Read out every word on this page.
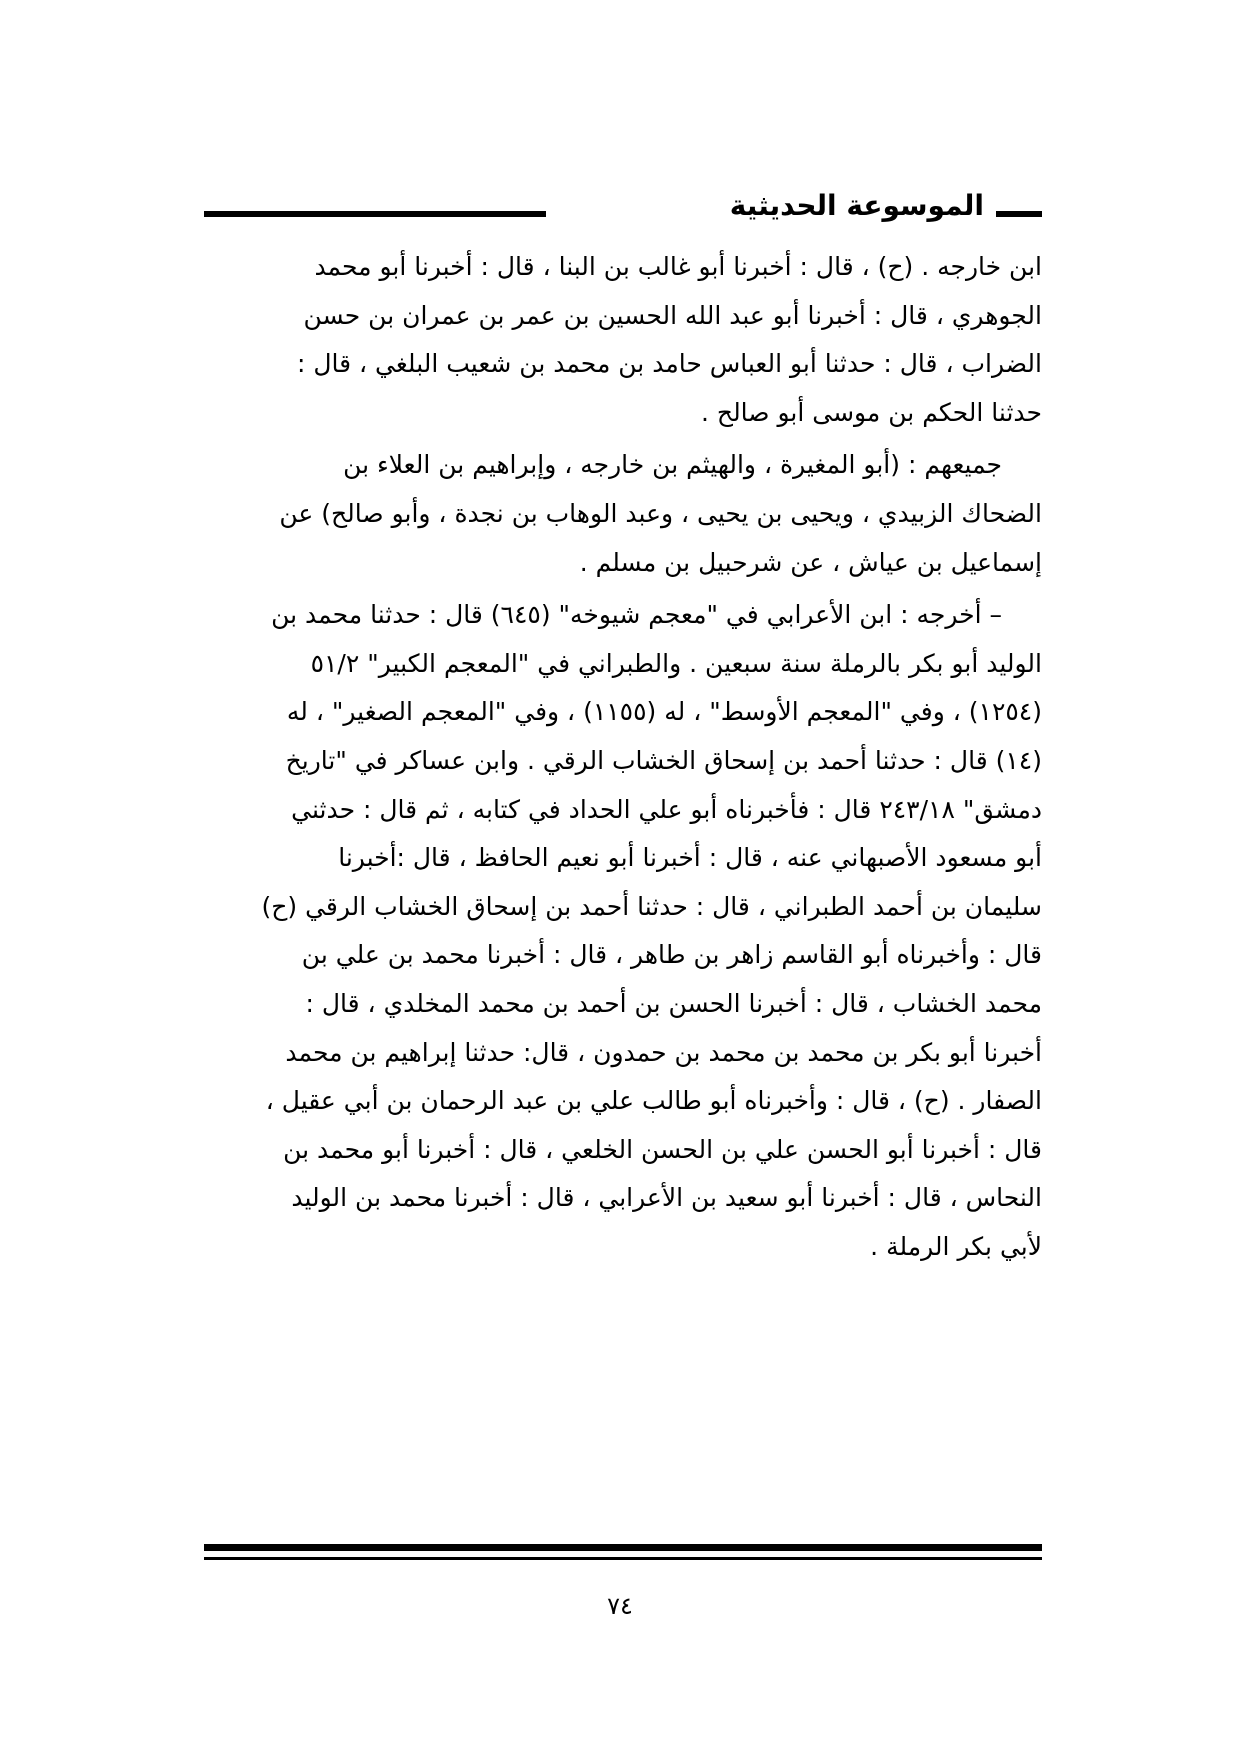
الموسوعة الحديثية

ابن خارجه . (ح) ، قال : أخبرنا أبو غالب بن البنا ، قال : أخبرنا أبو محمد
الجوهري ، قال : أخبرنا أبو عبد الله الحسين بن عمر بن عمران بن حسن
الضراب ، قال : حدثنا أبو العباس حامد بن محمد بن شعيب البلغي ، قال :
حدثنا الحكم بن موسى أبو صالح .

جميعهم : (أبو المغيرة ، والهيثم بن خارجه ، وإبراهيم بن العلاء بن
الضحاك الزبيدي ، ويحيى بن يحيى ، وعبد الوهاب بن نجدة ، وأبو صالح) عن
إسماعيل بن عياش ، عن شرحبيل بن مسلم .

– أخرجه : ابن الأعرابي في "معجم شيوخه" (٦٤٥) قال : حدثنا محمد بن
الوليد أبو بكر بالرملة سنة سبعين . والطبراني في "المعجم الكبير" ٥١/٢
(١٢٥٤) ، وفي "المعجم الأوسط" ، له (١١٥٥) ، وفي "المعجم الصغير" ، له
(١٤) قال : حدثنا أحمد بن إسحاق الخشاب الرقي . وابن عساكر في "تاريخ
دمشق" ٢٤٣/١٨ قال : فأخبرناه أبو علي الحداد في كتابه ، ثم قال : حدثني
أبو مسعود الأصبهاني عنه ، قال : أخبرنا أبو نعيم الحافظ ، قال :أخبرنا
سليمان بن أحمد الطبراني ، قال : حدثنا أحمد بن إسحاق الخشاب الرقي (ح)
قال : وأخبرناه أبو القاسم زاهر بن طاهر ، قال : أخبرنا محمد بن علي بن
محمد الخشاب ، قال : أخبرنا الحسن بن أحمد بن محمد المخلدي ، قال :
أخبرنا أبو بكر بن محمد بن محمد بن حمدون ، قال: حدثنا إبراهيم بن محمد
الصفار . (ح) ، قال : وأخبرناه أبو طالب علي بن عبد الرحمان بن أبي عقيل ،
قال : أخبرنا أبو الحسن علي بن الحسن الخلعي ، قال : أخبرنا أبو محمد بن
النحاس ، قال : أخبرنا أبو سعيد بن الأعرابي ، قال : أخبرنا محمد بن الوليد
لأبي بكر الرملة .

٧٤
